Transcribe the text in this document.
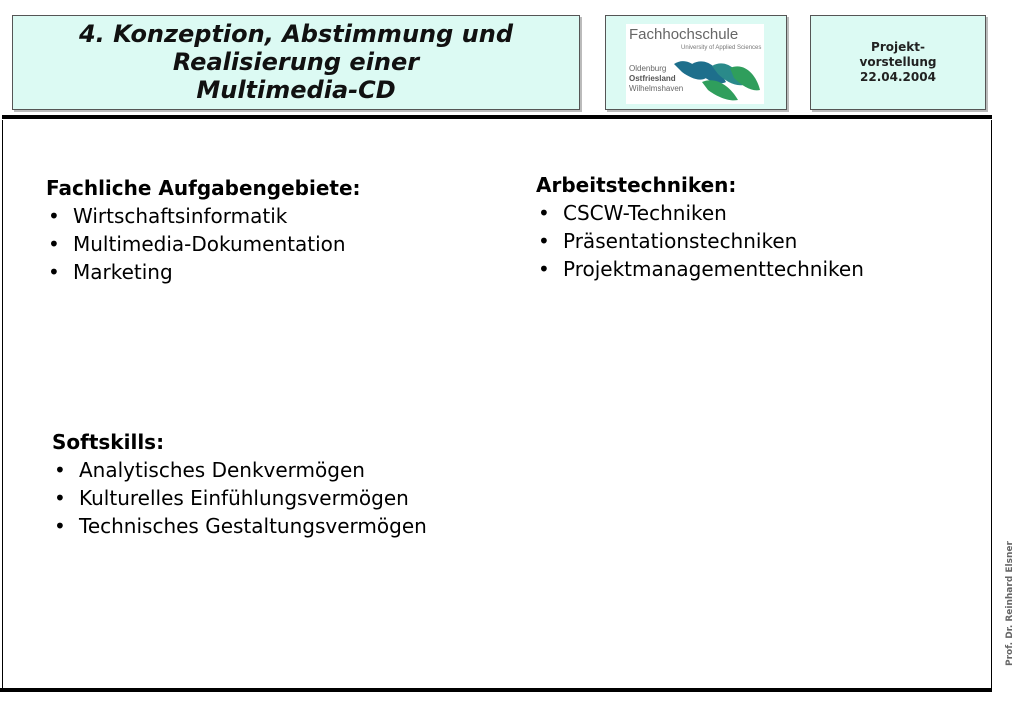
4. Konzeption, Abstimmung und
Realisierung einer
Multimedia-CD
Fachhochschule
University of Applied Sciences
Oldenburg
Ostfriesland
Wilhelmshaven
Projekt-
vorstellung
22.04.2004
Fachliche Aufgabengebiete:
• Wirtschaftsinformatik
• Multimedia-Dokumentation
• Marketing
Arbeitstechniken:
• CSCW-Techniken
• Präsentationstechniken
• Projektmanagementtechniken
Softskills:
• Analytisches Denkvermögen
• Kulturelles Einfühlungsvermögen
• Technisches Gestaltungsvermögen
Prof. Dr. Reinhard Elsner
